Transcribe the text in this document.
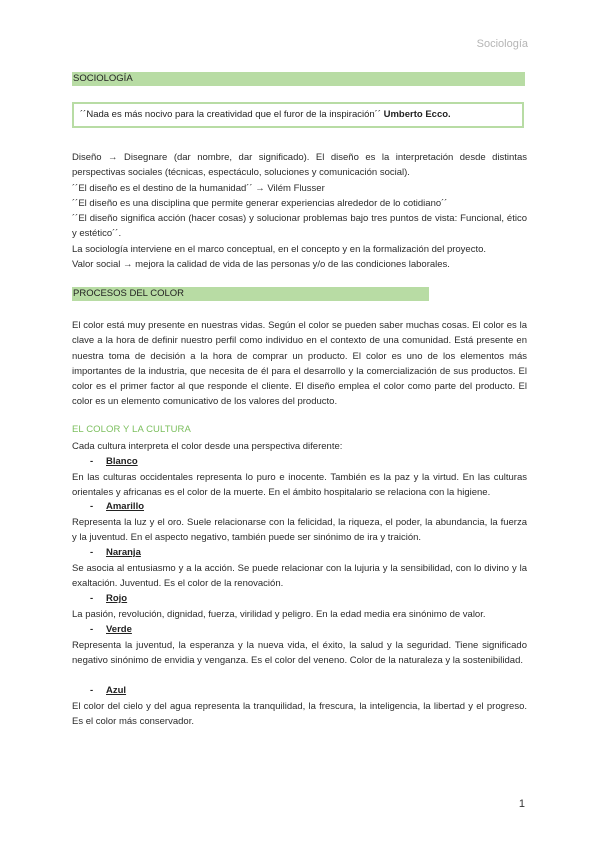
Sociología
SOCIOLOGÍA
´´Nada es más nocivo para la creatividad que el furor de la inspiración´´ Umberto Ecco.

Diseño → Disegnare (dar nombre, dar significado). El diseño es la interpretación desde distintas perspectivas sociales (técnicas, espectáculo, soluciones y comunicación social).

´´El diseño es el destino de la humanidad´´ → Vilém Flusser

´´El diseño es una disciplina que permite generar experiencias alrededor de lo cotidiano´´

´´El diseño significa acción (hacer cosas) y solucionar problemas bajo tres puntos de vista: Funcional, ético y estético´´.

La sociología interviene en el marco conceptual, en el concepto y en la formalización del proyecto.

Valor social → mejora la calidad de vida de las personas y/o de las condiciones laborales.

PROCESOS DEL COLOR

El color está muy presente en nuestras vidas. Según el color se pueden saber muchas cosas. El color es la clave a la hora de definir nuestro perfil como individuo en el contexto de una comunidad. Está presente en nuestra toma de decisión a la hora de comprar un producto. El color es uno de los elementos más importantes de la industria, que necesita de él para el desarrollo y la comercialización de sus productos. El color es el primer factor al que responde el cliente. El diseño emplea el color como parte del producto. El color es un elemento comunicativo de los valores del producto.

EL COLOR Y LA CULTURA

Cada cultura interpreta el color desde una perspectiva diferente:

- Blanco

En las culturas occidentales representa lo puro e inocente. También es la paz y la virtud. En las culturas orientales y africanas es el color de la muerte. En el ámbito hospitalario se relaciona con la higiene.

- Amarillo

Representa la luz y el oro. Suele relacionarse con la felicidad, la riqueza, el poder, la abundancia, la fuerza y la juventud. En el aspecto negativo, también puede ser sinónimo de ira y traición.

- Naranja

Se asocia al entusiasmo y a la acción. Se puede relacionar con la lujuria y la sensibilidad, con lo divino y la exaltación. Juventud. Es el color de la renovación.

- Rojo

La pasión, revolución, dignidad, fuerza, virilidad y peligro. En la edad media era sinónimo de valor.

- Verde

Representa la juventud, la esperanza y la nueva vida, el éxito, la salud y la seguridad. Tiene significado negativo sinónimo de envidia y venganza. Es el color del veneno. Color de la naturaleza y la sostenibilidad.

- Azul

El color del cielo y del agua representa la tranquilidad, la frescura, la inteligencia, la libertad y el progreso. Es el color más conservador.

1
